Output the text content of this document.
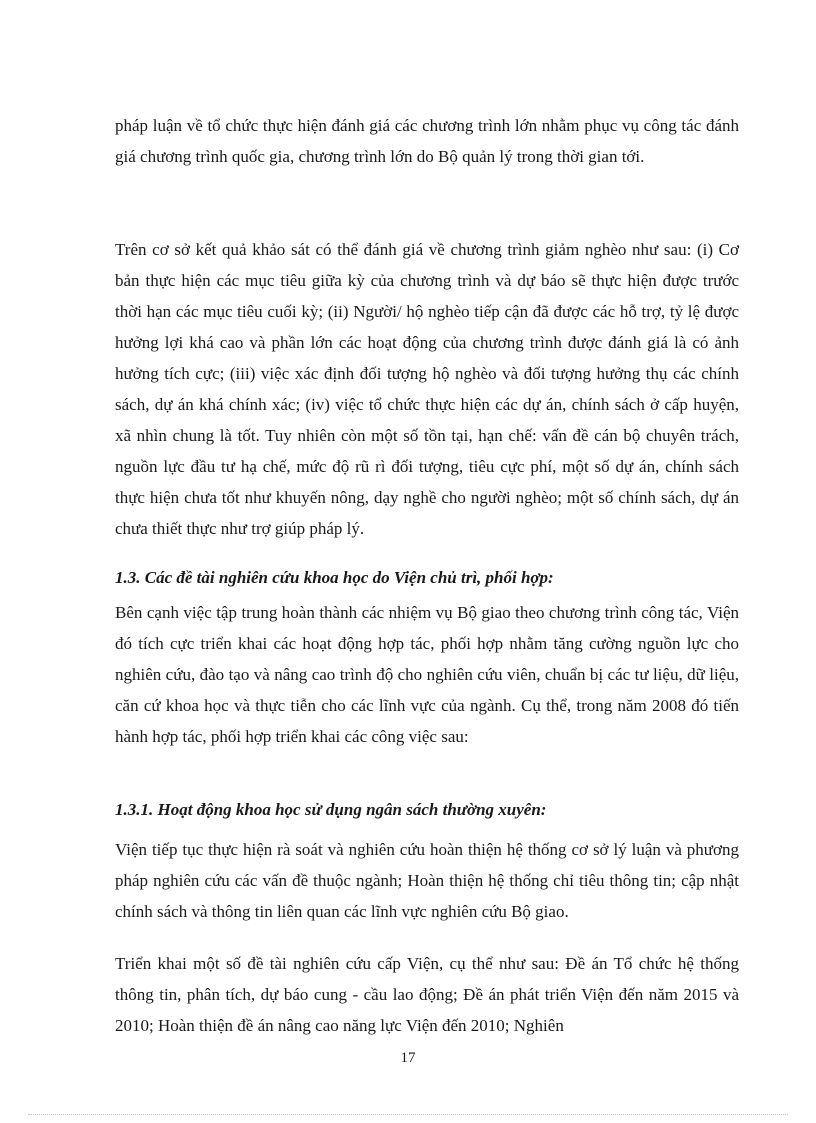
pháp luận về tổ chức thực hiện đánh giá các chương trình lớn nhằm phục vụ công tác đánh giá chương trình quốc gia, chương trình lớn do Bộ quản lý trong thời gian tới.

Trên cơ sở kết quả khảo sát có thể đánh giá về chương trình giảm nghèo như sau: (i) Cơ bản thực hiện các mục tiêu giữa kỳ của chương trình và dự báo sẽ thực hiện được trước thời hạn các mục tiêu cuối kỳ; (ii) Người/ hộ nghèo tiếp cận đã được các hỗ trợ, tỷ lệ được hưởng lợi khá cao và phần lớn các hoạt động của chương trình được đánh giá là có ảnh hưởng tích cực; (iii) việc xác định đối tượng hộ nghèo và đối tượng hưởng thụ các chính sách, dự án khá chính xác; (iv) việc tổ chức thực hiện các dự án, chính sách ở cấp huyện, xã nhìn chung là tốt. Tuy nhiên còn một số tồn tại, hạn chế: vấn đề cán bộ chuyên trách, nguồn lực đầu tư hạ chế, mức độ rũ rì đối tượng, tiêu cực phí, một số dự án, chính sách thực hiện chưa tốt như khuyến nông, dạy nghề cho người nghèo; một số chính sách, dự án chưa thiết thực như trợ giúp pháp lý.

1.3. Các đề tài nghiên cứu khoa học do Viện chủ trì, phối hợp:

Bên cạnh việc tập trung hoàn thành các nhiệm vụ Bộ giao theo chương trình công tác, Viện đó tích cực triển khai các hoạt động hợp tác, phối hợp nhằm tăng cường nguồn lực cho nghiên cứu, đào tạo và nâng cao trình độ cho nghiên cứu viên, chuẩn bị các tư liệu, dữ liệu, căn cứ khoa học và thực tiễn cho các lĩnh vực của ngành. Cụ thể, trong năm 2008 đó tiến hành hợp tác, phối hợp triển khai các công việc sau:

1.3.1. Hoạt động khoa học sử dụng ngân sách thường xuyên:

Viện tiếp tục thực hiện rà soát và nghiên cứu hoàn thiện hệ thống cơ sở lý luận và phương pháp nghiên cứu các vấn đề thuộc ngành; Hoàn thiện hệ thống chỉ tiêu thông tin; cập nhật chính sách và thông tin liên quan các lĩnh vực nghiên cứu Bộ giao.

Triển khai một số đề tài nghiên cứu cấp Viện, cụ thể như sau: Đề án Tổ chức hệ thống thông tin, phân tích, dự báo cung - cầu lao động; Đề án phát triển Viện đến năm 2015 và 2010; Hoàn thiện đề án nâng cao năng lực Viện đến 2010; Nghiên

17
